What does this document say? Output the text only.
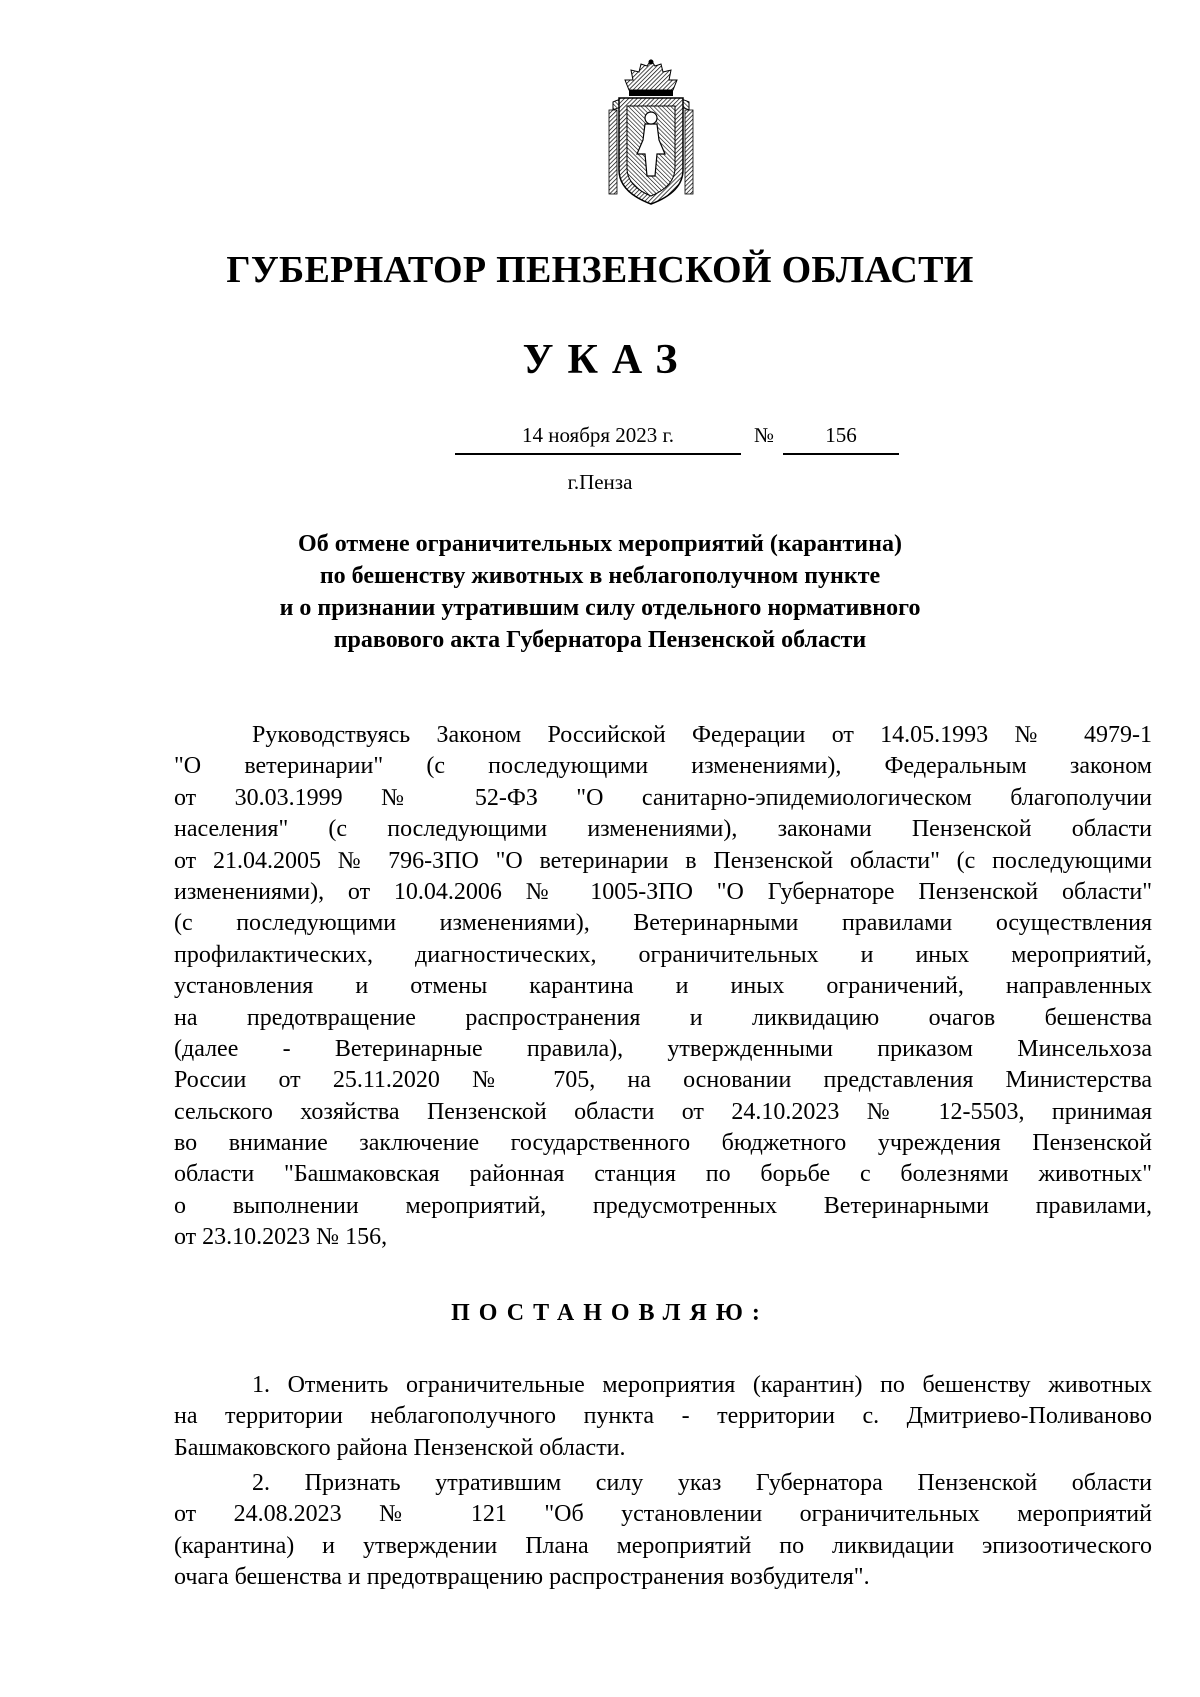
ГУБЕРНАТОР ПЕНЗЕНСКОЙ ОБЛАСТИ
УКАЗ
14 ноября 2023 г.	№	156
г.Пенза
Об отмене ограничительных мероприятий (карантина)
по бешенству животных в неблагополучном пункте
и о признании утратившим силу отдельного нормативного
правового акта Губернатора Пензенской области
Руководствуясь Законом Российской Федерации от 14.05.1993 № 4979-1
"О ветеринарии" (с последующими изменениями), Федеральным законом
от 30.03.1999 № 52-ФЗ "О санитарно-эпидемиологическом благополучии
населения" (с последующими изменениями), законами Пензенской области
от 21.04.2005 № 796-ЗПО "О ветеринарии в Пензенской области" (с последующими
изменениями), от 10.04.2006 № 1005-ЗПО "О Губернаторе Пензенской области"
(с последующими изменениями), Ветеринарными правилами осуществления
профилактических, диагностических, ограничительных и иных мероприятий,
установления и отмены карантина и иных ограничений, направленных
на предотвращение распространения и ликвидацию очагов бешенства
(далее - Ветеринарные правила), утвержденными приказом Минсельхоза
России от 25.11.2020 № 705, на основании представления Министерства
сельского хозяйства Пензенской области от 24.10.2023 № 12-5503, принимая
во внимание заключение государственного бюджетного учреждения Пензенской
области "Башмаковская районная станция по борьбе с болезнями животных"
о выполнении мероприятий, предусмотренных Ветеринарными правилами,
от 23.10.2023 № 156,
ПОСТАНОВЛЯЮ:
1. Отменить ограничительные мероприятия (карантин) по бешенству животных
на территории неблагополучного пункта - территории с. Дмитриево-Поливаново
Башмаковского района Пензенской области.
2. Признать утратившим силу указ Губернатора Пензенской области
от 24.08.2023 № 121 "Об установлении ограничительных мероприятий
(карантина) и утверждении Плана мероприятий по ликвидации эпизоотического
очага бешенства и предотвращению распространения возбудителя".
